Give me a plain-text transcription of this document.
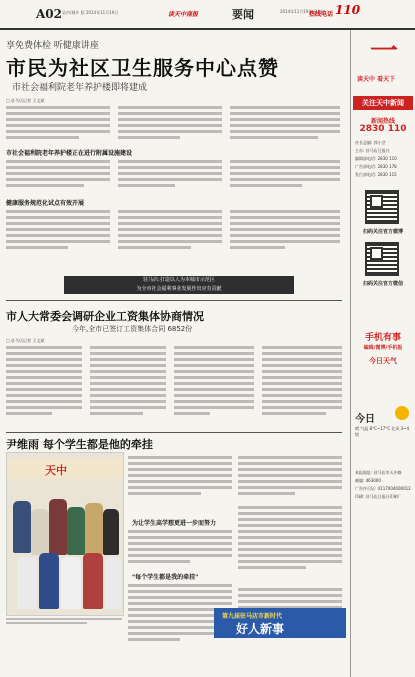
A02 县市/城乡 版 2014年11月19日	读天中南报	要闻	2014年11月19日 星期三
热线电话 110
享免费体检 听健康讲座
市民为社区卫生服务中心点赞
市社会福利院老年养护楼即将建成
□ 驻马店记者 王文斌
市社会福利院老年养护楼正在进行附属设施建设
健康服务规范化试点有效开展
驻马店:打造以人为本城市示范区
为全市社会福利事业发展作出应有贡献
市人大常委会调研企业工资集体协商情况
今年,全市已签订工资集体合同 6852份
□ 驻马店记者 王文斌
尹维雨 每个学生都是他的牵挂
天中
为让学生高学想更进一步而努力
"每个学生都是我的牵挂"
第九届驻马店市新时代
好人新事
一
读天中 看天下
关注天中新闻
新闻热线
2830 110
社长总编: 郭小芸
主办: 驻马店日报社
编辑部电话: 2830 110
广告部电话: 2830 178
发行部电话: 2830 115
扫码关注官方微博
扫码关注官方微信
手机有事
编辑/微博/手机报
今日天气
今日
晴 气温 8°C~17°C 北风 3~4 级
本报地址: 驻马店市天中路
邮编: 463000
广告许可证: 4117004000012
印刷: 驻马店日报社印刷厂
